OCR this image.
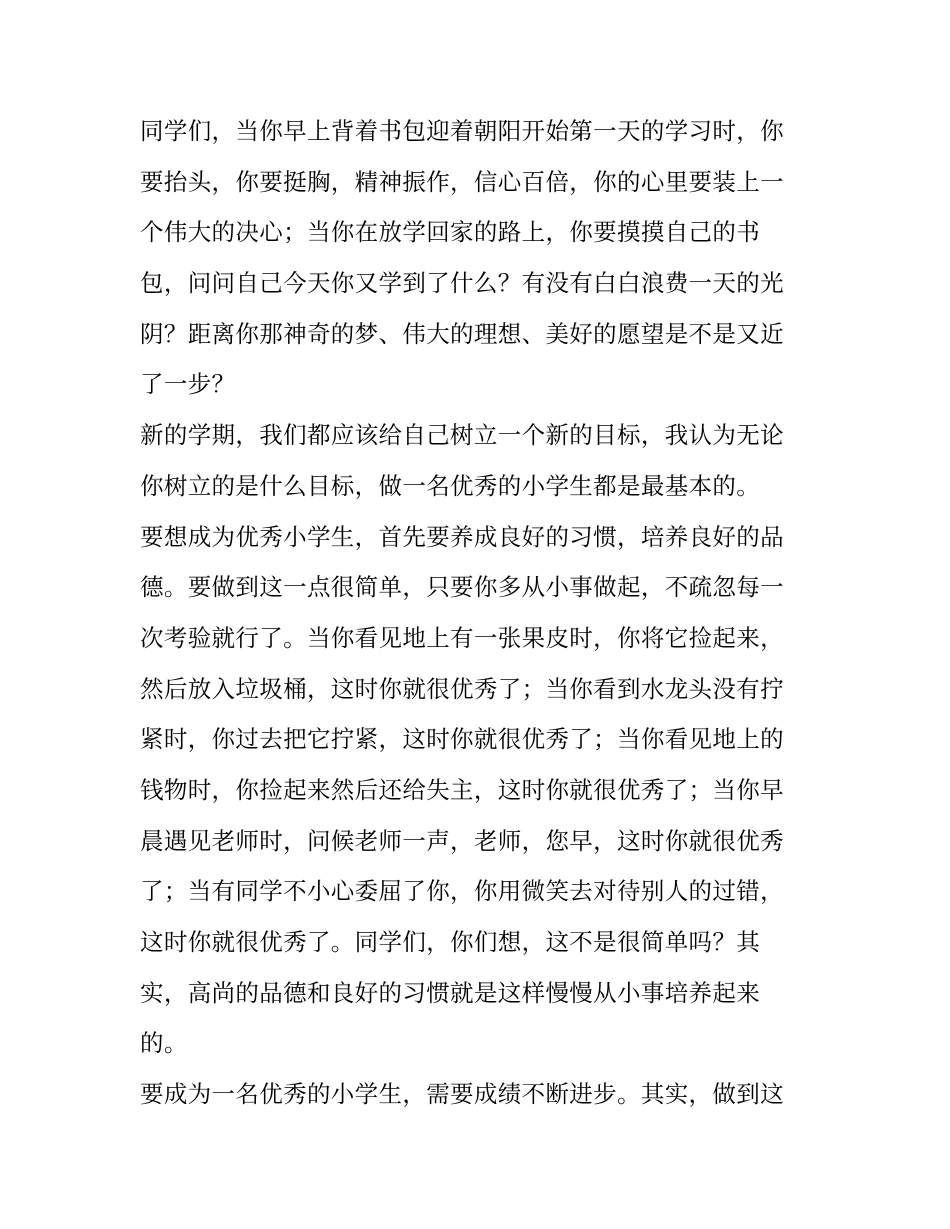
同学们，当你早上背着书包迎着朝阳开始第一天的学习时，你
要抬头，你要挺胸，精神振作，信心百倍，你的心里要装上一
个伟大的决心；当你在放学回家的路上，你要摸摸自己的书
包，问问自己今天你又学到了什么？有没有白白浪费一天的光
阴？距离你那神奇的梦、伟大的理想、美好的愿望是不是又近
了一步？
新的学期，我们都应该给自己树立一个新的目标，我认为无论
你树立的是什么目标，做一名优秀的小学生都是最基本的。
要想成为优秀小学生，首先要养成良好的习惯，培养良好的品
德。要做到这一点很简单，只要你多从小事做起，不疏忽每一
次考验就行了。当你看见地上有一张果皮时，你将它捡起来，
然后放入垃圾桶，这时你就很优秀了；当你看到水龙头没有拧
紧时，你过去把它拧紧，这时你就很优秀了；当你看见地上的
钱物时，你捡起来然后还给失主，这时你就很优秀了；当你早
晨遇见老师时，问候老师一声，老师，您早，这时你就很优秀
了；当有同学不小心委屈了你，你用微笑去对待别人的过错，
这时你就很优秀了。同学们，你们想，这不是很简单吗？其
实，高尚的品德和良好的习惯就是这样慢慢从小事培养起来
的。
要成为一名优秀的小学生，需要成绩不断进步。其实，做到这
